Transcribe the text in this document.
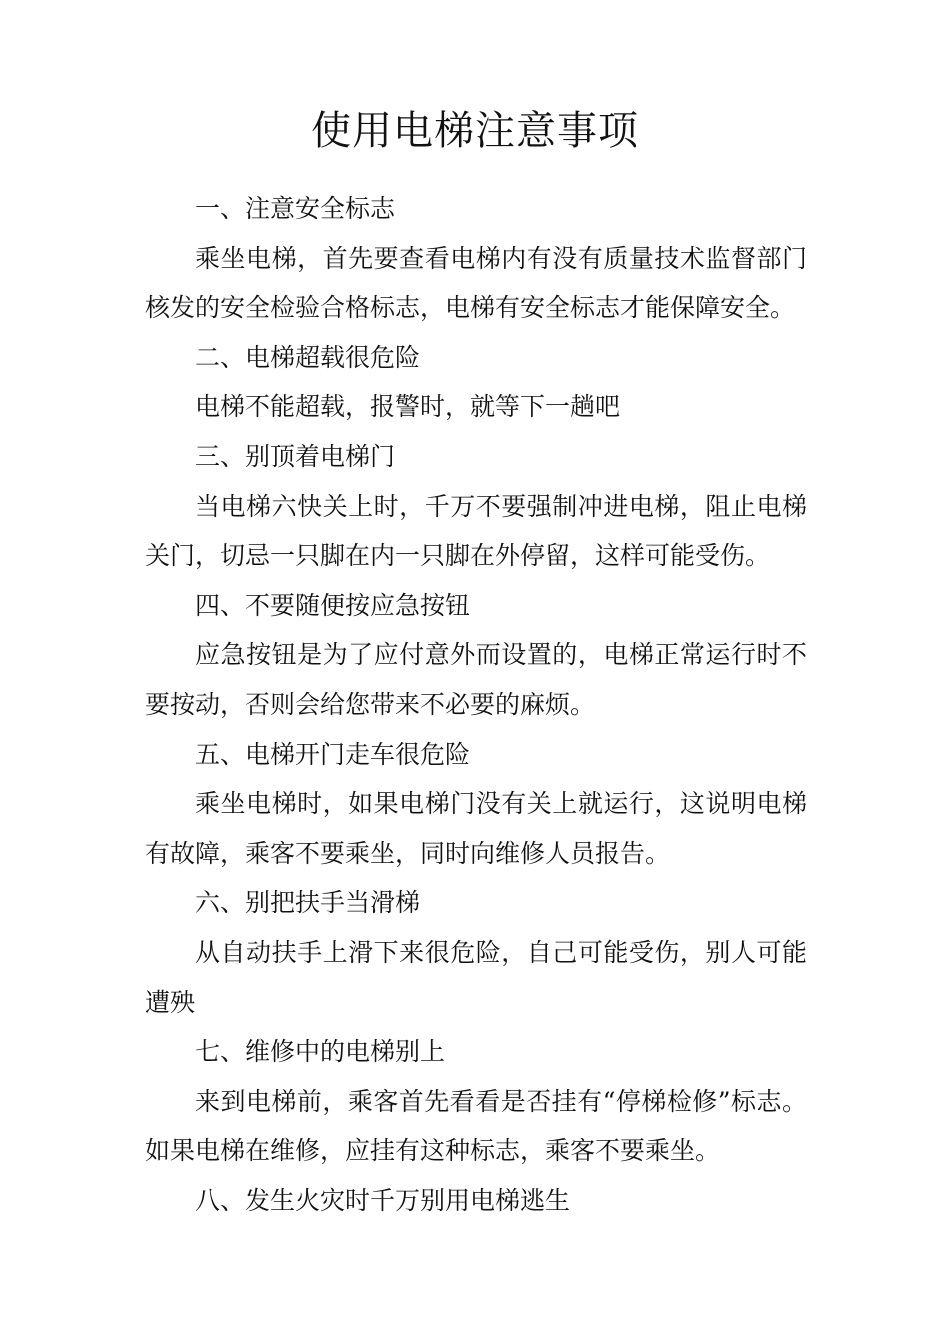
使用电梯注意事项

一、注意安全标志

乘坐电梯，首先要查看电梯内有没有质量技术监督部门核发的安全检验合格标志，电梯有安全标志才能保障安全。

二、电梯超载很危险

电梯不能超载，报警时，就等下一趟吧

三、别顶着电梯门

当电梯六快关上时，千万不要强制冲进电梯，阻止电梯关门，切忌一只脚在内一只脚在外停留，这样可能受伤。

四、不要随便按应急按钮

应急按钮是为了应付意外而设置的，电梯正常运行时不要按动，否则会给您带来不必要的麻烦。

五、电梯开门走车很危险

乘坐电梯时，如果电梯门没有关上就运行，这说明电梯有故障，乘客不要乘坐，同时向维修人员报告。

六、别把扶手当滑梯

从自动扶手上滑下来很危险，自己可能受伤，别人可能遭殃

七、维修中的电梯别上

来到电梯前，乘客首先看看是否挂有“停梯检修”标志。如果电梯在维修，应挂有这种标志，乘客不要乘坐。

八、发生火灾时千万别用电梯逃生
